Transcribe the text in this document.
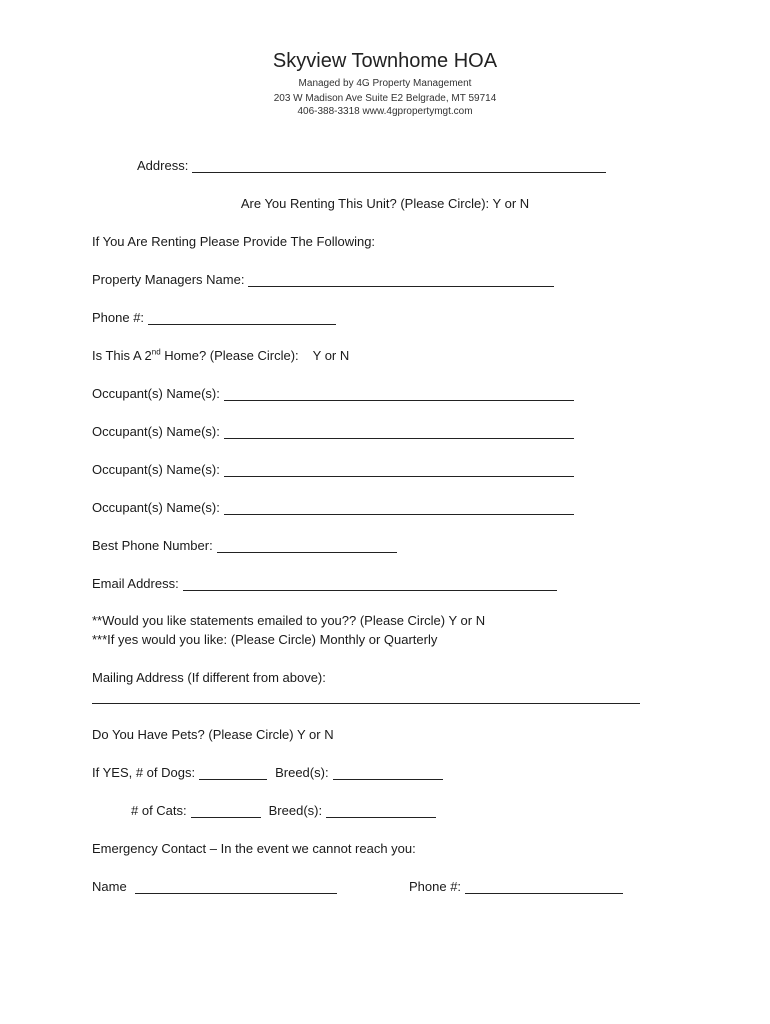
Skyview Townhome HOA
Managed by 4G Property Management
203 W Madison Ave Suite E2 Belgrade, MT 59714
406-388-3318 www.4gpropertymgt.com
Address:
Are You Renting This Unit? (Please Circle): Y or N
If You Are Renting Please Provide The Following:
Property Managers Name:
Phone #:
Is This A 2nd Home? (Please Circle): Y or N
Occupant(s) Name(s):
Occupant(s) Name(s):
Occupant(s) Name(s):
Occupant(s) Name(s):
Best Phone Number:
Email Address:
**Would you like statements emailed to you?? (Please Circle) Y or N
***If yes would you like: (Please Circle) Monthly or Quarterly
Mailing Address (If different from above):
Do You Have Pets? (Please Circle) Y or N
If YES, # of Dogs:	Breed(s):
# of Cats:	Breed(s):
Emergency Contact – In the event we cannot reach you:
Name	Phone #:
